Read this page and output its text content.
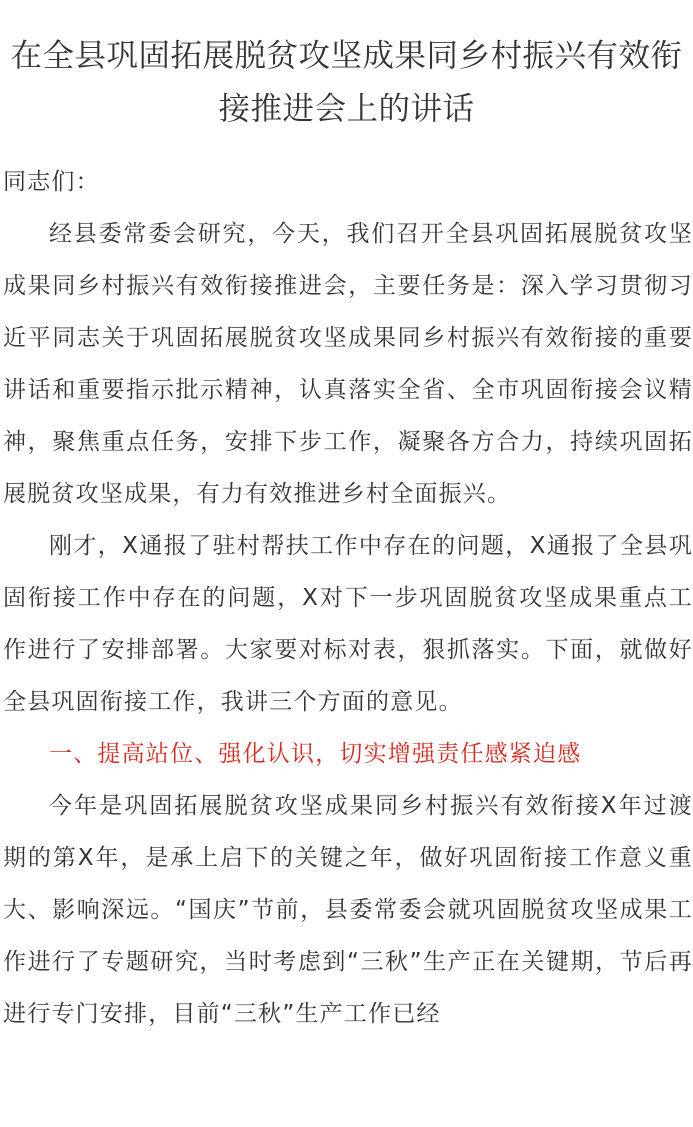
在全县巩固拓展脱贫攻坚成果同乡村振兴有效衔接推进会上的讲话

同志们：

经县委常委会研究，今天，我们召开全县巩固拓展脱贫攻坚成果同乡村振兴有效衔接推进会，主要任务是：深入学习贯彻习近平同志关于巩固拓展脱贫攻坚成果同乡村振兴有效衔接的重要讲话和重要指示批示精神，认真落实全省、全市巩固衔接会议精神，聚焦重点任务，安排下步工作，凝聚各方合力，持续巩固拓展脱贫攻坚成果，有力有效推进乡村全面振兴。

刚才，X通报了驻村帮扶工作中存在的问题，X通报了全县巩固衔接工作中存在的问题，X对下一步巩固脱贫攻坚成果重点工作进行了安排部署。大家要对标对表，狠抓落实。下面，就做好全县巩固衔接工作，我讲三个方面的意见。

一、提高站位、强化认识，切实增强责任感紧迫感

今年是巩固拓展脱贫攻坚成果同乡村振兴有效衔接X年过渡期的第X年，是承上启下的关键之年，做好巩固衔接工作意义重大、影响深远。“国庆”节前，县委常委会就巩固脱贫攻坚成果工作进行了专题研究，当时考虑到“三秋”生产正在关键期，节后再进行专门安排，目前“三秋”生产工作已经
